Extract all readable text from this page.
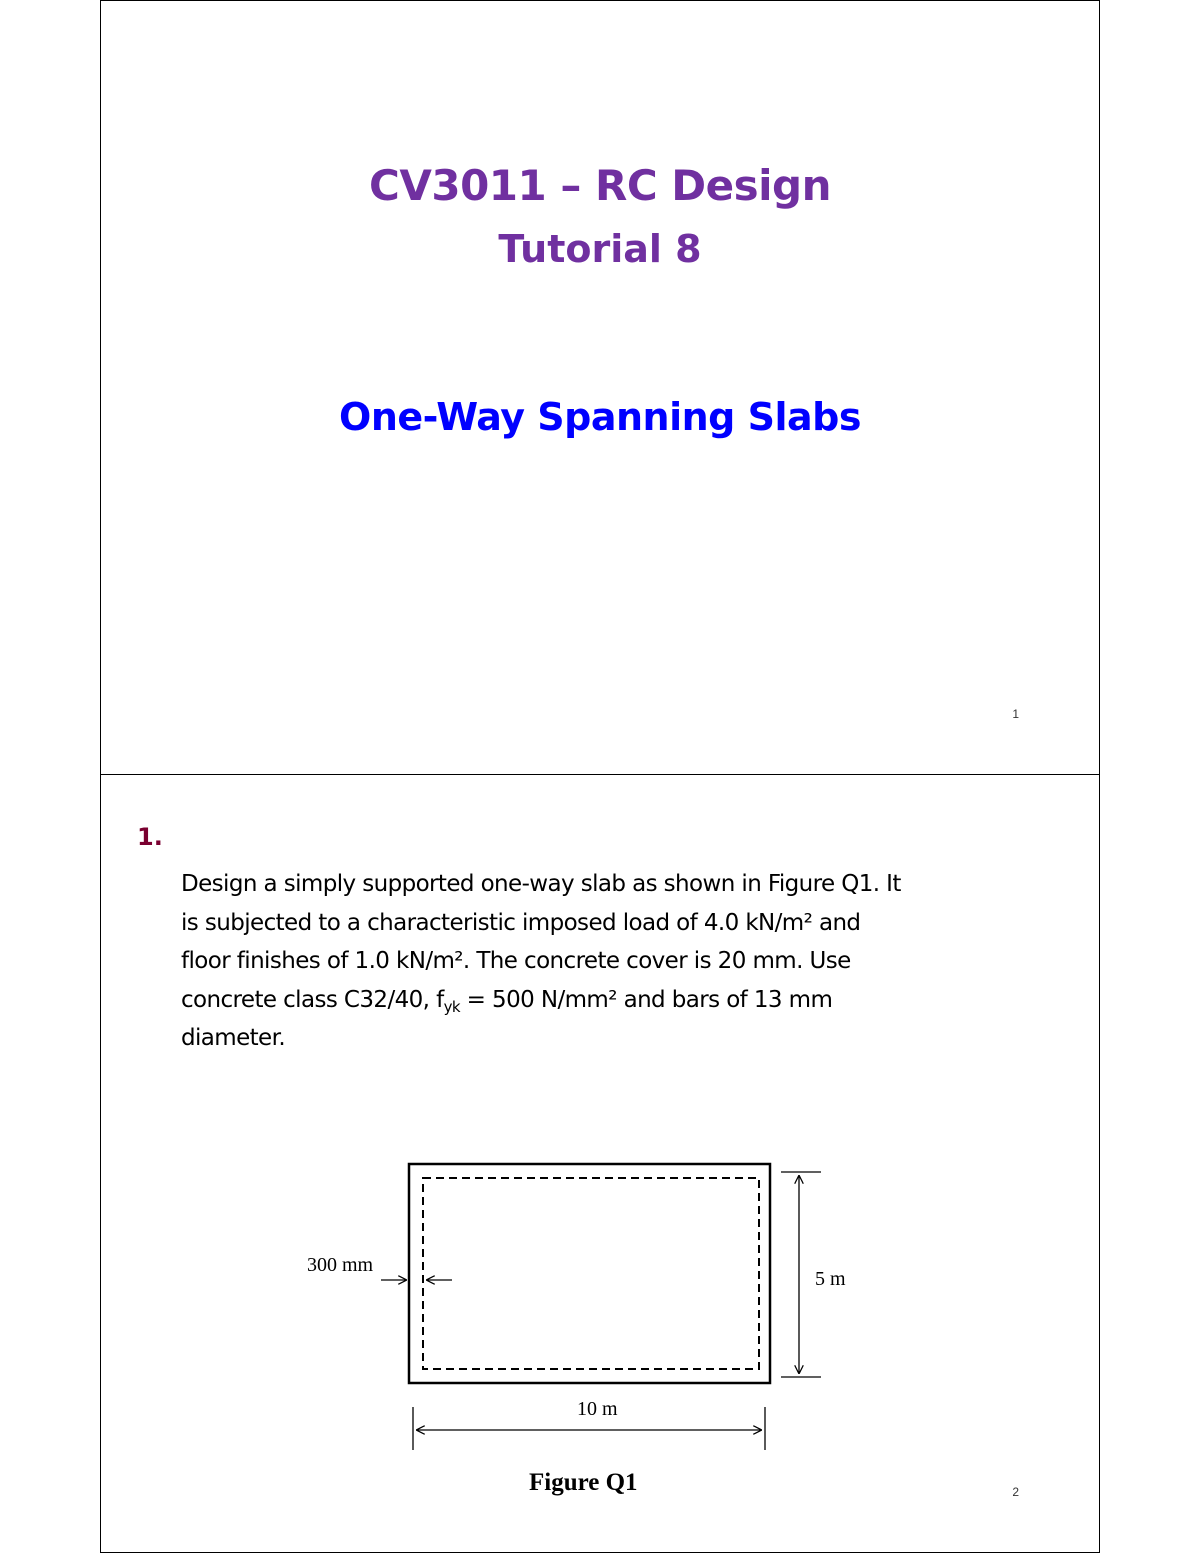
CV3011 – RC Design
Tutorial 8
One-Way Spanning Slabs
1
1.
Design a simply supported one-way slab as shown in Figure Q1. It
is subjected to a characteristic imposed load of 4.0 kN/m² and
floor finishes of 1.0 kN/m². The concrete cover is 20 mm. Use
concrete class C32/40, $f_{yk} = 500$ N/mm² and bars of 13 mm
diameter.
300 mm
5 m
10 m
Figure Q1	2
